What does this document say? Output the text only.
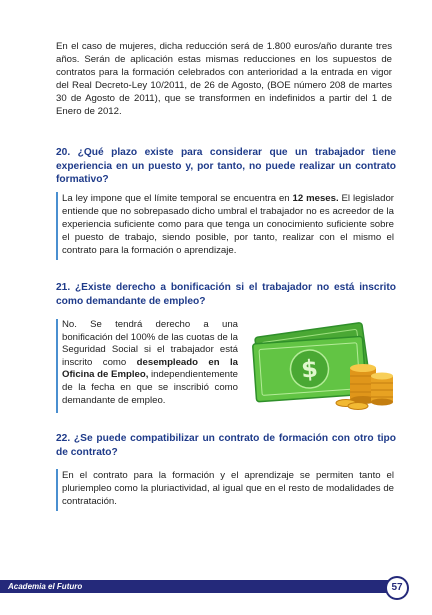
En el caso de mujeres, dicha reducción será de 1.800 euros/año durante tres años. Serán de aplicación estas mismas reducciones en los supuestos de contratos para la formación celebrados con anterioridad a la entrada en vigor del Real Decreto-Ley 10/2011, de 26 de Agosto, (BOE número 208 de martes 30 de Agosto de 2011), que se transformen en indefinidos a partir del 1 de Enero de 2012.

20. ¿Qué plazo existe para considerar que un trabajador tiene experiencia en un puesto y, por tanto, no puede realizar un contrato formativo?

La ley impone que el límite temporal se encuentra en 12 meses. El legislador entiende que no sobrepasado dicho umbral el trabajador no es acreedor de la experiencia suficiente como para que tenga un conocimiento suficiente sobre el puesto de trabajo, siendo posible, por tanto, realizar con el mismo el contrato para la formación o aprendizaje.

21. ¿Existe derecho a bonificación si el trabajador no está inscrito como demandante de empleo?

No. Se tendrá derecho a una bonificación del 100% de las cuotas de la Seguridad Social si el trabajador está inscrito como desempleado en la Oficina de Empleo, independientemente de la fecha en que se inscribió como demandante de empleo.

$
22. ¿Se puede compatibilizar un contrato de formación con otro tipo de contrato?

En el contrato para la formación y el aprendizaje se permiten tanto el pluriempleo como la pluriactividad, al igual que en el resto de modalidades de contratación.

Academia el Futuro	57
